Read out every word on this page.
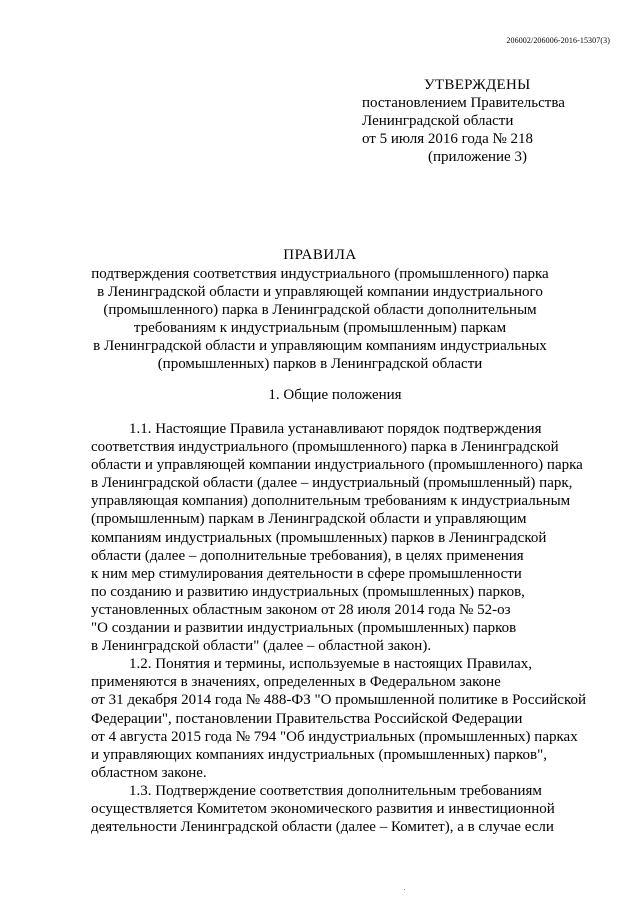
206002/206006-2016-15307(3)
УТВЕРЖДЕНЫ
постановлением Правительства
Ленинградской области
от 5 июля 2016 года № 218
(приложение 3)
ПРАВИЛА
подтверждения соответствия индустриального (промышленного) парка
в Ленинградской области и управляющей компании индустриального
(промышленного) парка в Ленинградской области дополнительным
требованиям к индустриальным (промышленным) паркам
в Ленинградской области и управляющим компаниям индустриальных
(промышленных) парков в Ленинградской области
1. Общие положения
1.1. Настоящие Правила устанавливают порядок подтверждения
соответствия индустриального (промышленного) парка в Ленинградской
области и управляющей компании индустриального (промышленного) парка
в Ленинградской области (далее – индустриальный (промышленный) парк,
управляющая компания) дополнительным требованиям к индустриальным
(промышленным) паркам в Ленинградской области и управляющим
компаниям индустриальных (промышленных) парков в Ленинградской
области (далее – дополнительные требования), в целях применения
к ним мер стимулирования деятельности в сфере промышленности
по созданию и развитию индустриальных (промышленных) парков,
установленных областным законом от 28 июля 2014 года № 52-оз
"О создании и развитии индустриальных (промышленных) парков
в Ленинградской области" (далее – областной закон).
1.2. Понятия и термины, используемые в настоящих Правилах,
применяются в значениях, определенных в Федеральном законе
от 31 декабря 2014 года № 488-ФЗ "О промышленной политике в Российской
Федерации", постановлении Правительства Российской Федерации
от 4 августа 2015 года № 794 "Об индустриальных (промышленных) парках
и управляющих компаниях индустриальных (промышленных) парков",
областном законе.
1.3. Подтверждение соответствия дополнительным требованиям
осуществляется Комитетом экономического развития и инвестиционной
деятельности Ленинградской области (далее – Комитет), а в случае если
